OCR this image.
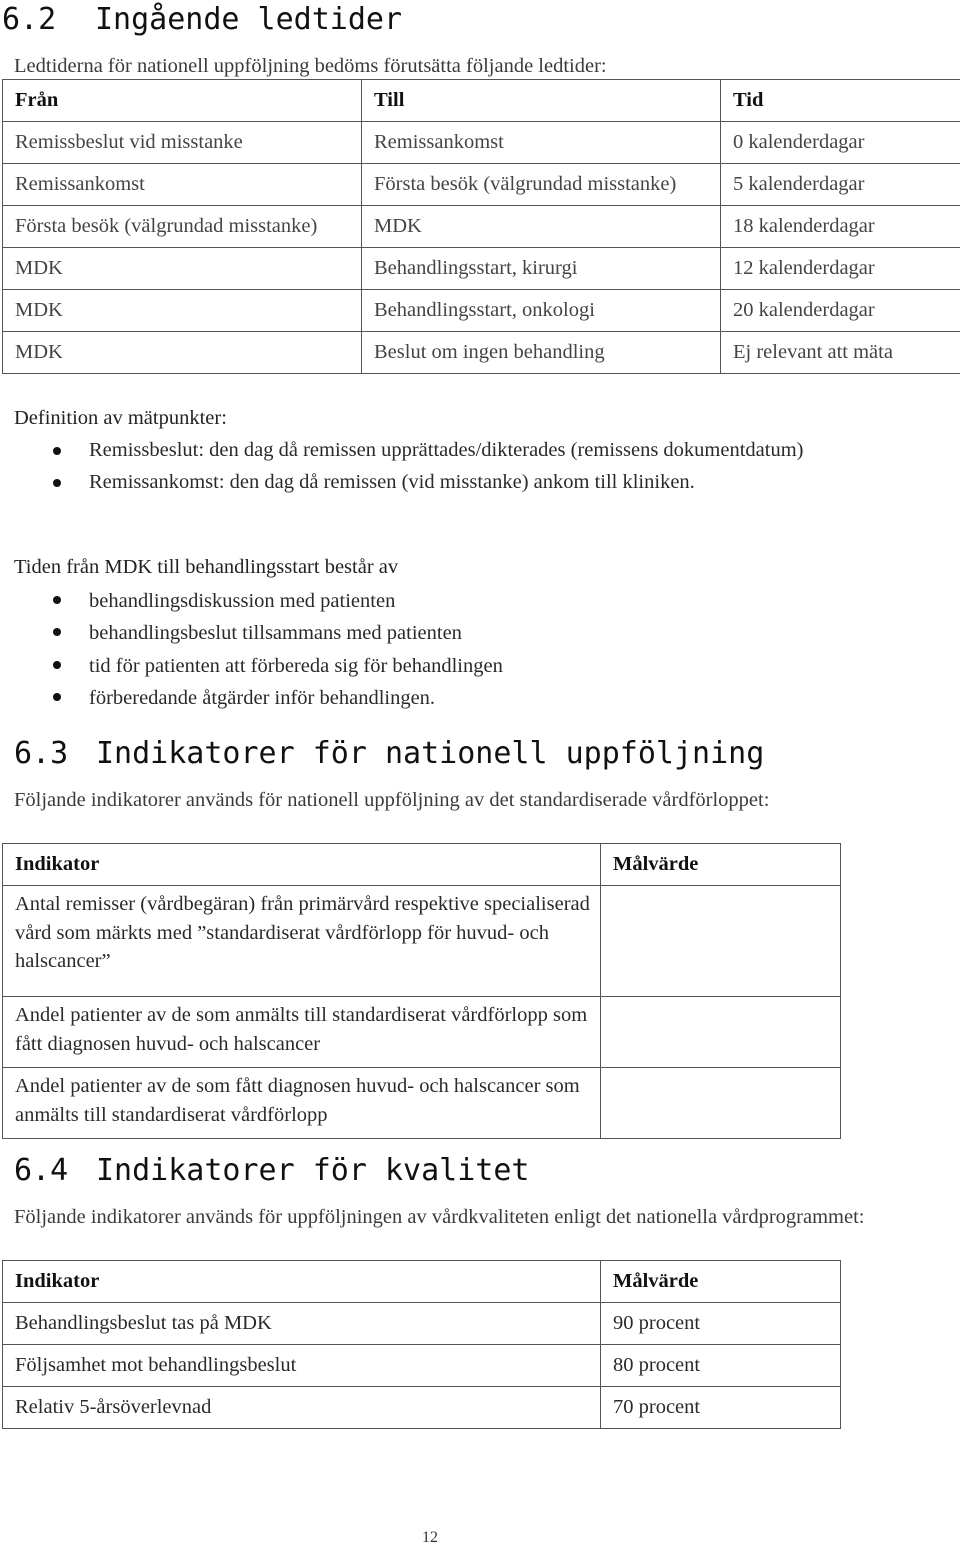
6.2 Ingående ledtider
Ledtiderna för nationell uppföljning bedöms förutsätta följande ledtider:
Från	Till	Tid
Remissbeslut vid misstanke	Remissankomst	0 kalenderdagar
Remissankomst	Första besök (välgrundad misstanke)	5 kalenderdagar
Första besök (välgrundad misstanke)	MDK	18 kalenderdagar
MDK	Behandlingsstart, kirurgi	12 kalenderdagar
MDK	Behandlingsstart, onkologi	20 kalenderdagar
MDK	Beslut om ingen behandling	Ej relevant att mäta
Definition av mätpunkter:
Remissbeslut: den dag då remissen upprättades/dikterades (remissens dokumentdatum)
Remissankomst: den dag då remissen (vid misstanke) ankom till kliniken.
Tiden från MDK till behandlingsstart består av
behandlingsdiskussion med patienten
behandlingsbeslut tillsammans med patienten
tid för patienten att förbereda sig för behandlingen
förberedande åtgärder inför behandlingen.
6.3 Indikatorer för nationell uppföljning
Följande indikatorer används för nationell uppföljning av det standardiserade vårdförloppet:
Indikator	Målvärde
Antal remisser (vårdbegäran) från primärvård respektive specialiserad vård som märkts med ”standardiserat vårdförlopp för huvud- och halscancer”	
Andel patienter av de som anmälts till standardiserat vårdförlopp som fått diagnosen huvud- och halscancer	
Andel patienter av de som fått diagnosen huvud- och halscancer som anmälts till standardiserat vårdförlopp	
6.4 Indikatorer för kvalitet
Följande indikatorer används för uppföljningen av vårdkvaliteten enligt det nationella vårdprogrammet:
Indikator	Målvärde
Behandlingsbeslut tas på MDK	90 procent
Följsamhet mot behandlingsbeslut	80 procent
Relativ 5-årsöverlevnad	70 procent
12
